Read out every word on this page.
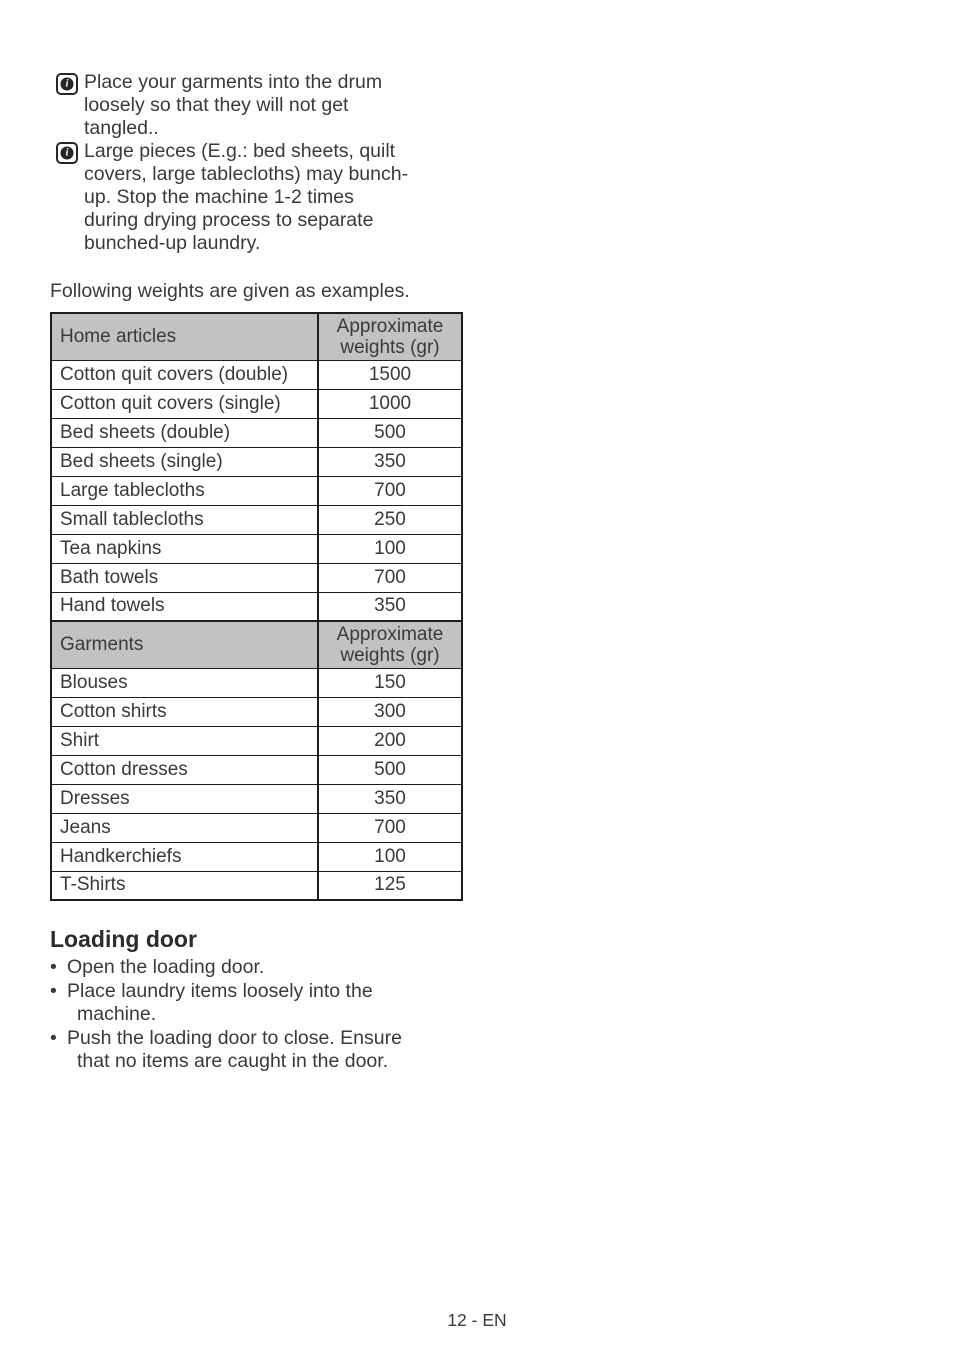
i Place your garments into the drum
loosely so that they will not get
tangled..
i Large pieces (E.g.: bed sheets, quilt
covers, large tablecloths) may bunch-
up. Stop the machine 1-2 times
during drying process to separate
bunched-up laundry.

Following weights are given as examples.

Home articles	Approximate
weights (gr)

Cotton quit covers (double)	1500
Cotton quit covers (single)	1000
Bed sheets (double)	500
Bed sheets (single)	350
Large tablecloths	700
Small tablecloths	250
Tea napkins	100
Bath towels	700
Hand towels	350
Garments	Approximate
weights (gr)

Blouses	150
Cotton shirts	300
Shirt	200
Cotton dresses	500
Dresses	350
Jeans	700
Handkerchiefs	100
T-Shirts	125
Loading door
• Open the loading door.
• Place laundry items loosely into the
machine.
• Push the loading door to close. Ensure
that no items are caught in the door.
12 - EN
